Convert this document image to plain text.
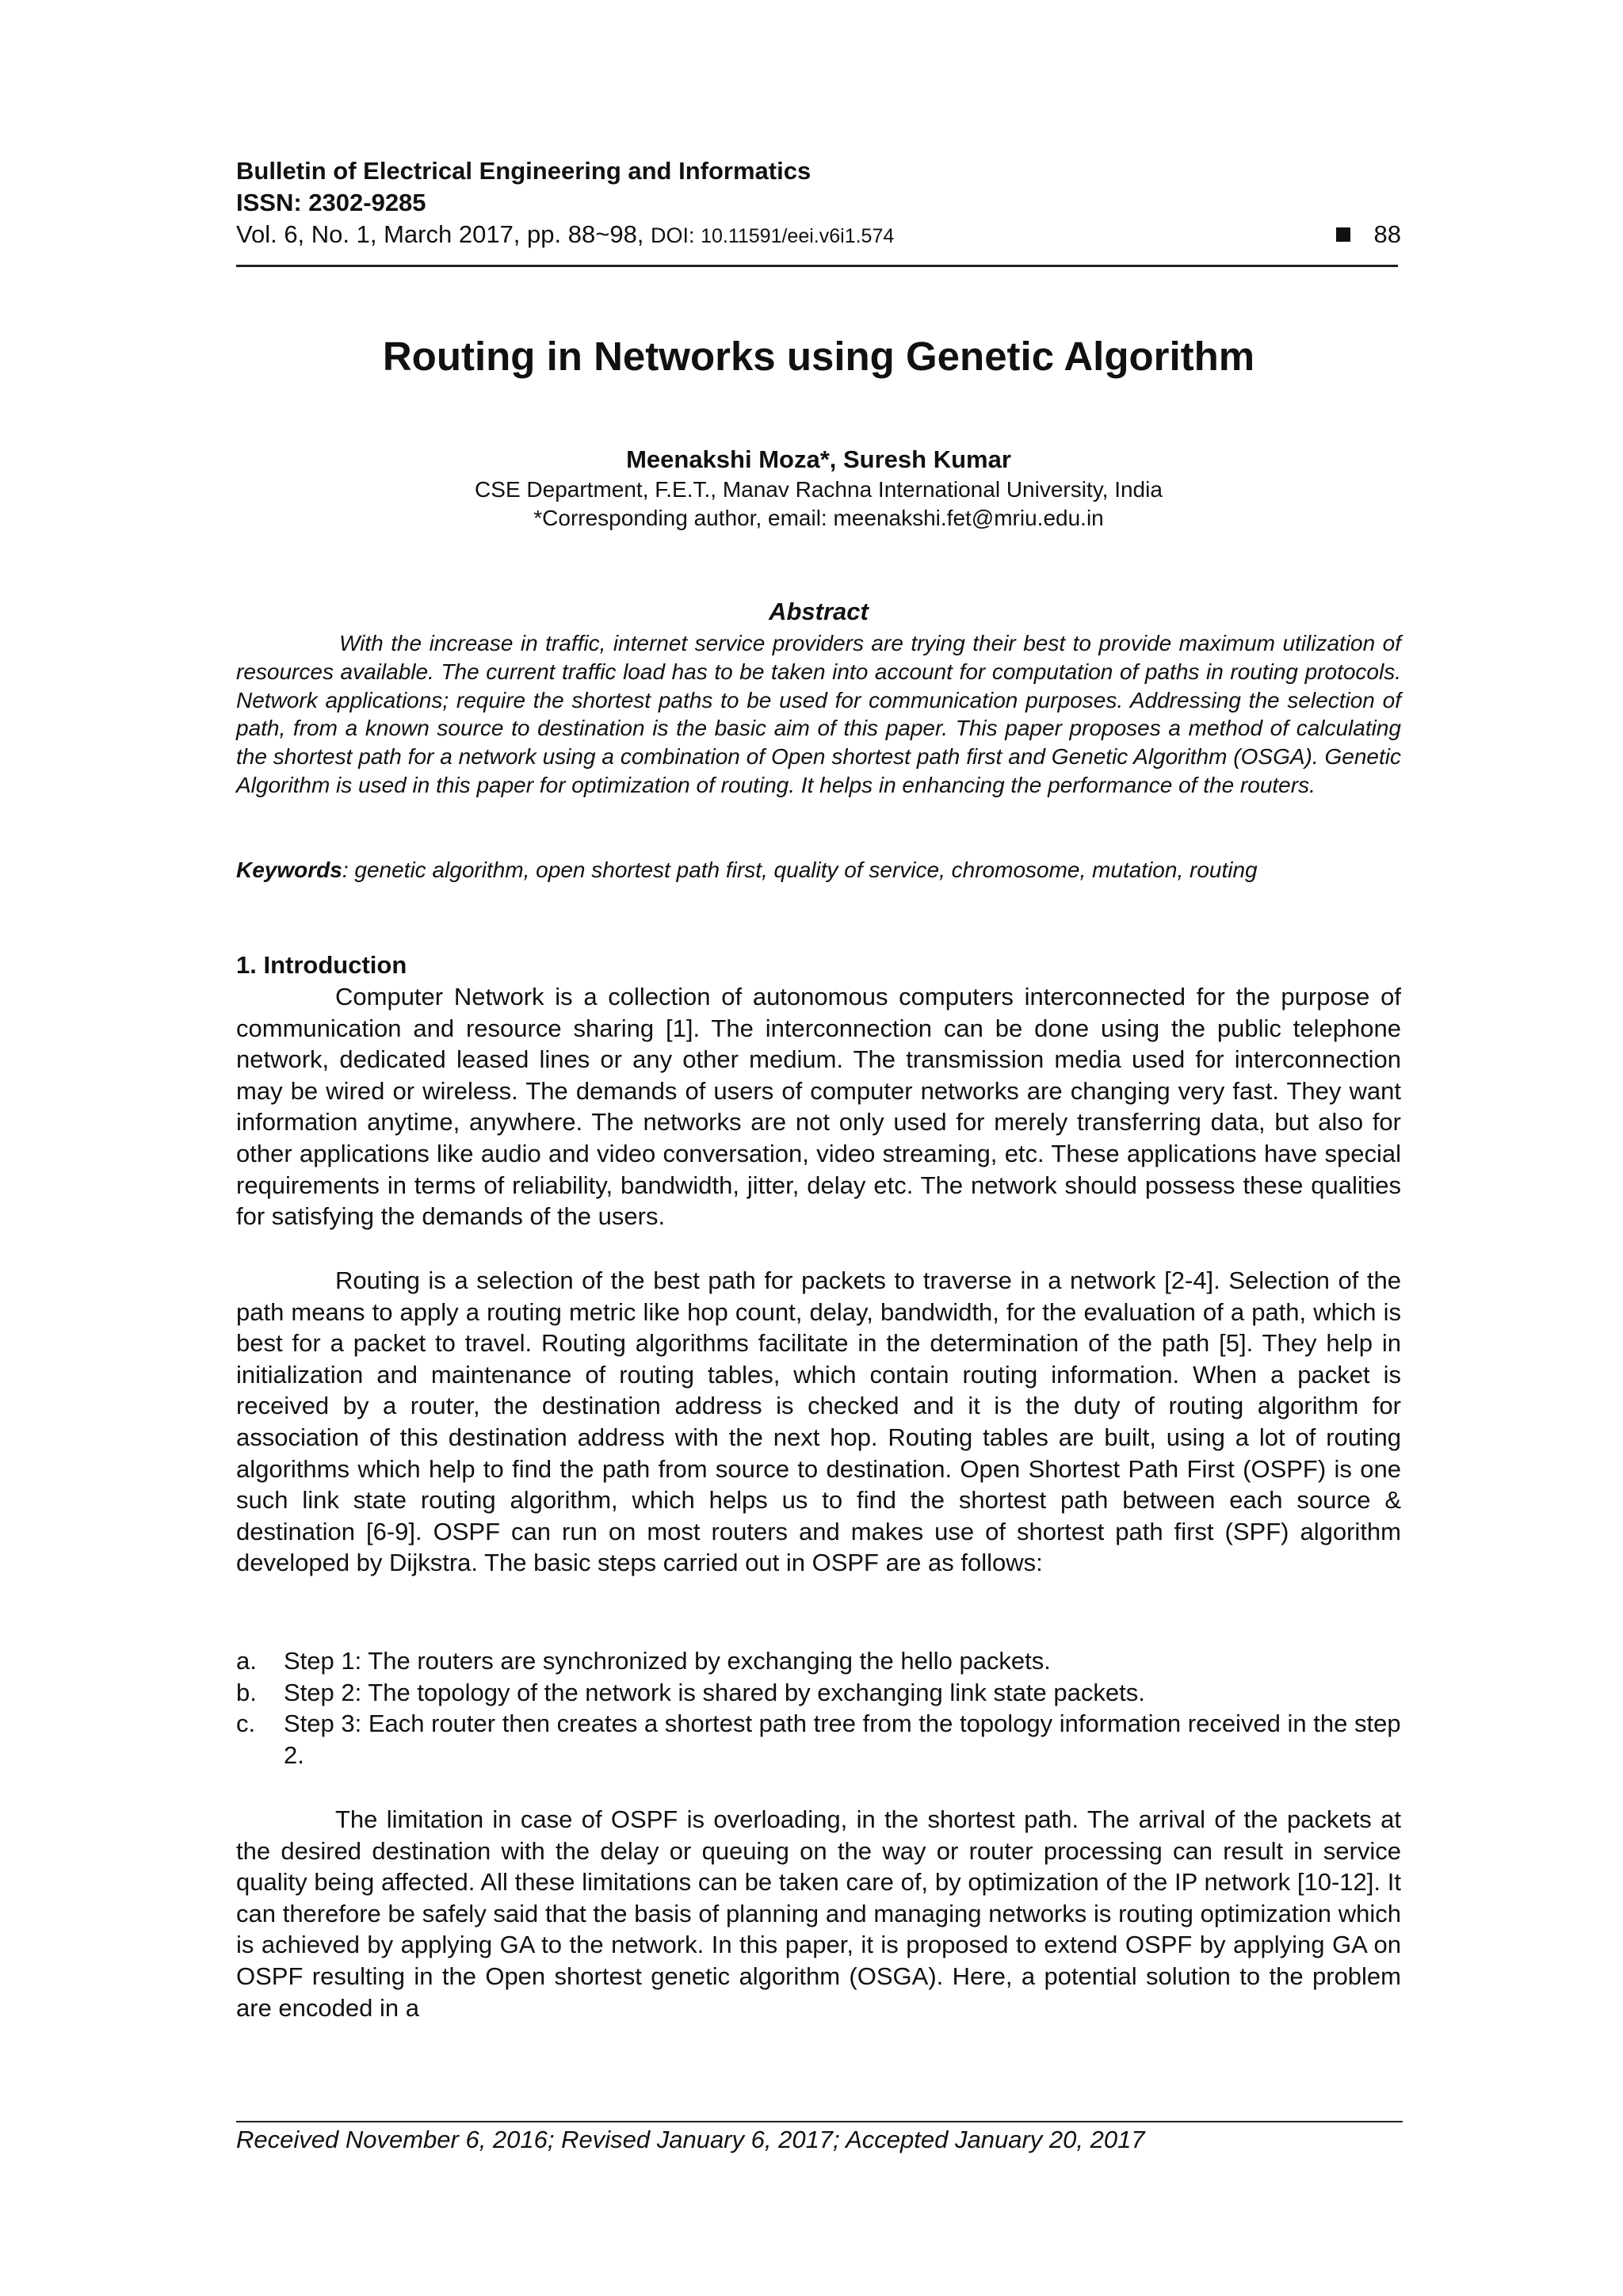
Bulletin of Electrical Engineering and Informatics
ISSN: 2302-9285
Vol. 6, No. 1, March 2017, pp. 88~98, DOI: 10.11591/eei.v6i1.574	88
Routing in Networks using Genetic Algorithm
Meenakshi Moza*, Suresh Kumar
CSE Department, F.E.T., Manav Rachna International University, India
*Corresponding author, email: meenakshi.fet@mriu.edu.in
Abstract

With the increase in traffic, internet service providers are trying their best to provide maximum utilization of resources available. The current traffic load has to be taken into account for computation of paths in routing protocols. Network applications; require the shortest paths to be used for communication purposes. Addressing the selection of path, from a known source to destination is the basic aim of this paper. This paper proposes a method of calculating the shortest path for a network using a combination of Open shortest path first and Genetic Algorithm (OSGA). Genetic Algorithm is used in this paper for optimization of routing. It helps in enhancing the performance of the routers.

Keywords: genetic algorithm, open shortest path first, quality of service, chromosome, mutation, routing
1. Introduction

Computer Network is a collection of autonomous computers interconnected for the purpose of communication and resource sharing [1]. The interconnection can be done using the public telephone network, dedicated leased lines or any other medium. The transmission media used for interconnection may be wired or wireless. The demands of users of computer networks are changing very fast. They want information anytime, anywhere. The networks are not only used for merely transferring data, but also for other applications like audio and video conversation, video streaming, etc. These applications have special requirements in terms of reliability, bandwidth, jitter, delay etc. The network should possess these qualities for satisfying the demands of the users.

Routing is a selection of the best path for packets to traverse in a network [2-4]. Selection of the path means to apply a routing metric like hop count, delay, bandwidth, for the evaluation of a path, which is best for a packet to travel. Routing algorithms facilitate in the determination of the path [5]. They help in initialization and maintenance of routing tables, which contain routing information. When a packet is received by a router, the destination address is checked and it is the duty of routing algorithm for association of this destination address with the next hop. Routing tables are built, using a lot of routing algorithms which help to find the path from source to destination. Open Shortest Path First (OSPF) is one such link state routing algorithm, which helps us to find the shortest path between each source & destination [6-9]. OSPF can run on most routers and makes use of shortest path first (SPF) algorithm developed by Dijkstra. The basic steps carried out in OSPF are as follows:

a. Step 1: The routers are synchronized by exchanging the hello packets.
b. Step 2: The topology of the network is shared by exchanging link state packets.
c. Step 3: Each router then creates a shortest path tree from the topology information received in the step 2.

The limitation in case of OSPF is overloading, in the shortest path. The arrival of the packets at the desired destination with the delay or queuing on the way or router processing can result in service quality being affected. All these limitations can be taken care of, by optimization of the IP network [10-12]. It can therefore be safely said that the basis of planning and managing networks is routing optimization which is achieved by applying GA to the network. In this paper, it is proposed to extend OSPF by applying GA on OSPF resulting in the Open shortest genetic algorithm (OSGA). Here, a potential solution to the problem are encoded in a

Received November 6, 2016; Revised January 6, 2017; Accepted January 20, 2017
